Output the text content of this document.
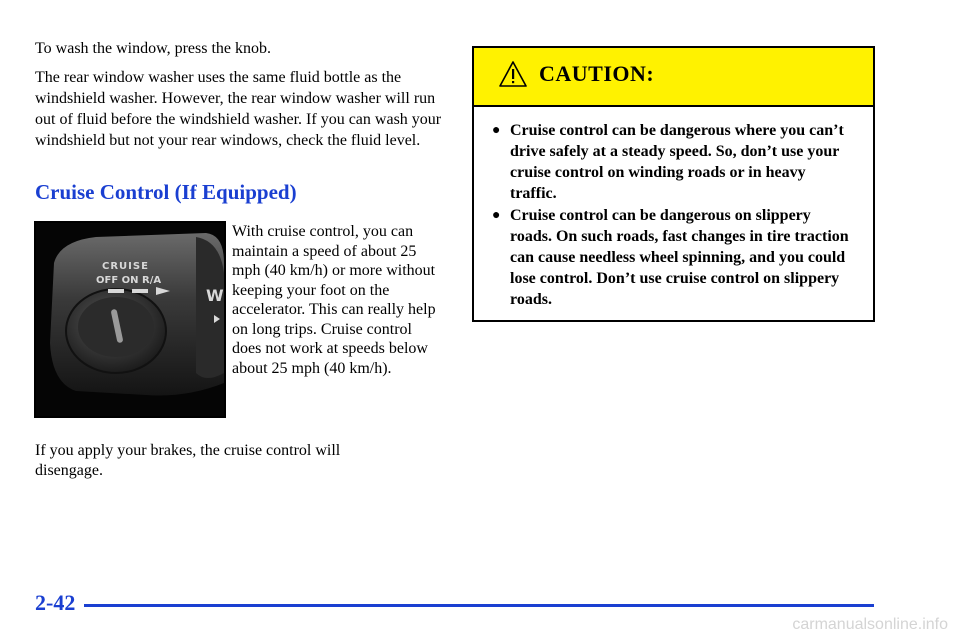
To wash the window, press the knob.

The rear window washer uses the same fluid bottle as the windshield washer. However, the rear window washer will run out of fluid before the windshield washer. If you can wash your windshield but not your rear windows, check the fluid level.

Cruise Control (If Equipped)
CRUISE
OFF ON R/A
W

With cruise control, you can maintain a speed of about 25 mph (40 km/h) or more without keeping your foot on the accelerator. This can really help on long trips. Cruise control does not work at speeds below about 25 mph (40 km/h).

If you apply your brakes, the cruise control will disengage.

CAUTION:
● Cruise control can be dangerous where you can’t drive safely at a steady speed. So, don’t use your cruise control on winding roads or in heavy traffic.
● Cruise control can be dangerous on slippery roads. On such roads, fast changes in tire traction can cause needless wheel spinning, and you could lose control. Don’t use cruise control on slippery roads.
2-42
carmanualsonline.info
